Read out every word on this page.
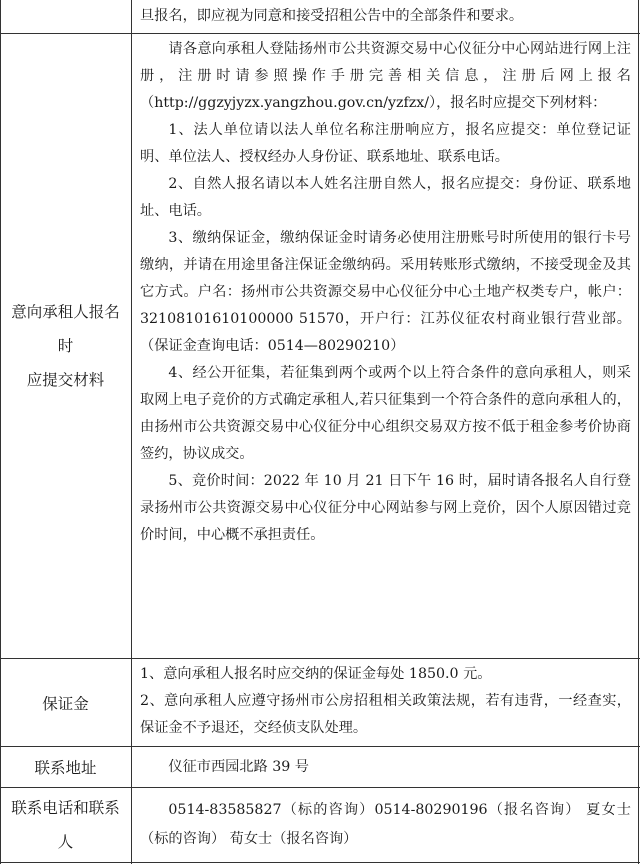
旦报名，即应视为同意和接受招租公告中的全部条件和要求。

意向承租人报名
时
应提交材料

请各意向承租人登陆扬州市公共资源交易中心仪征分中心网站进行网上注册，注册时请参照操作手册完善相关信息，注册后网上报名（http://ggzyjyzx.yangzhou.gov.cn/yzfzx/），报名时应提交下列材料：

1、法人单位请以法人单位名称注册响应方，报名应提交：单位登记证明、单位法人、授权经办人身份证、联系地址、联系电话。

2、自然人报名请以本人姓名注册自然人，报名应提交：身份证、联系地址、电话。

3、缴纳保证金，缴纳保证金时请务必使用注册账号时所使用的银行卡号缴纳，并请在用途里备注保证金缴纳码。采用转账形式缴纳，不接受现金及其它方式。户名：扬州市公共资源交易中心仪征分中心土地产权类专户，帐户：32108101610100000 51570，开户行：江苏仪征农村商业银行营业部。（保证金查询电话：0514—80290210）

4、经公开征集，若征集到两个或两个以上符合条件的意向承租人，则采取网上电子竞价的方式确定承租人,若只征集到一个符合条件的意向承租人的，由扬州市公共资源交易中心仪征分中心组织交易双方按不低于租金参考价协商签约，协议成交。

5、竞价时间：2022 年 10 月 21 日下午 16 时，届时请各报名人自行登录扬州市公共资源交易中心仪征分中心网站参与网上竞价，因个人原因错过竞价时间，中心概不承担责任。

保证金

1、意向承租人报名时应交纳的保证金每处 1850.0 元。

2、意向承租人应遵守扬州市公房招租相关政策法规，若有违背，一经查实，保证金不予退还，交经侦支队处理。

联系地址	仪征市西园北路 39 号

联系电话和联系
人

0514-83585827（标的咨询）0514-80290196（报名咨询） 夏女士（标的咨询） 荀女士（报名咨询）
